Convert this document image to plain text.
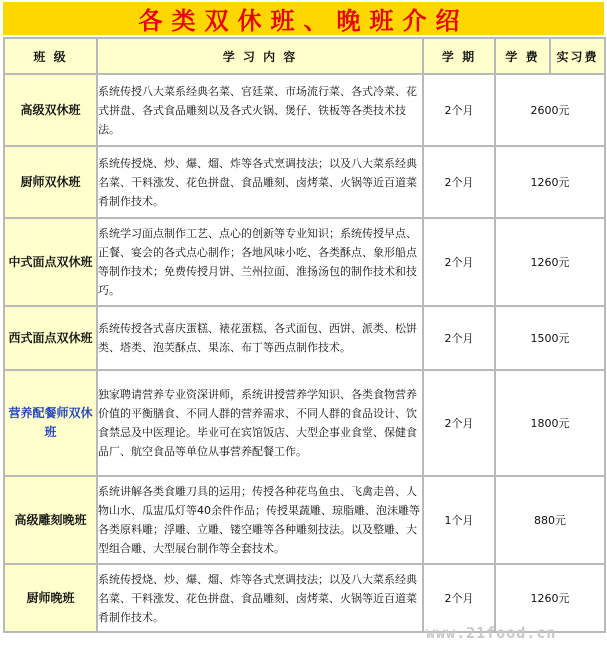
各类双休班、晚班介绍
班 级	学 习 内 容	学 期	学 费 实习费

高级双休班	系统传授八大菜系经典名菜、官廷菜、市场流行菜、各式冷菜、花式拼盘、各式食品雕刻以及各式火锅、煲仔、铁板等各类技术技法。	2个月	2600元
厨师双休班	系统传授烧、炒、爆、熘、炸等各式烹调技法；以及八大菜系经典名菜、干料涨发、花色拼盘、食品雕刻、卤烤菜、火锅等近百道菜肴制作技术。	2个月	1260元
中式面点双休班	系统学习面点制作工艺、点心的创新等专业知识；系统传授早点、正餐、宴会的各式点心制作；各地风味小吃、各类酥点、象形船点等制作技术；免费传授月饼、兰州拉面、淮扬汤包的制作技术和技巧。	2个月	1260元
西式面点双休班	系统传授各式喜庆蛋糕、裱花蛋糕、各式面包、西饼、派类、松饼类、塔类、泡芙酥点、果冻、布丁等西点制作技术。	2个月	1500元
营养配餐师双休班	独家聘请营养专业资深讲师，系统讲授营养学知识、各类食物营养价值的平衡膳食、不同人群的营养需求、不同人群的食品设计、饮食禁忌及中医理论。毕业可在宾馆饭店、大型企事业食堂、保健食品厂、航空食品等单位从事营养配餐工作。	2个月	1800元
高级雕刻晚班	系统讲解各类食雕刀具的运用；传授各种花鸟鱼虫、飞禽走兽、人物山水、瓜盅瓜灯等40余件作品；传授果蔬雕、琼脂雕、泡沫雕等各类原料雕；浮雕、立雕、镂空雕等各种雕刻技法。以及整雕、大型组合雕、大型展台制作等全套技术。	1个月	880元
厨师晚班	系统传授烧、炒、爆、熘、炸等各式烹调技法；以及八大菜系经典名菜、干料涨发、花色拼盘、食品雕刻、卤烤菜、火锅等近百道菜肴制作技术。	2个月	1260元
www.21food.cn
